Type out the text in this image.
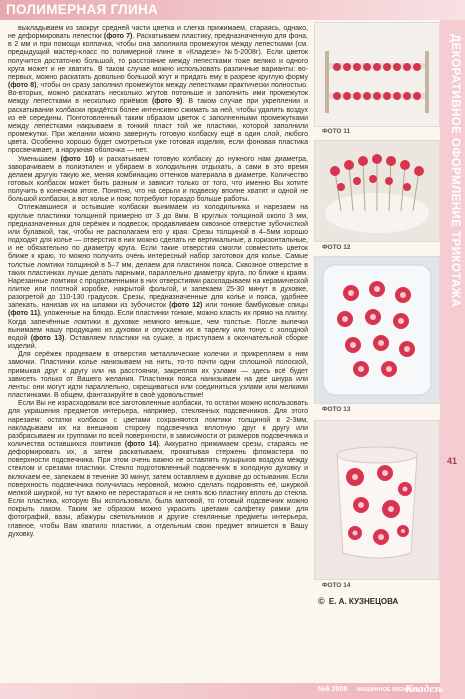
ПОЛИМЕРНАЯ ГЛИНА
ДЕКОРАТИВНОЕ ОФОРМЛЕНИЕ ТРИКОТАЖА
41

выкладываем из заокруг средней части цветка и слегка прижимаем, стараясь, однако, не деформировать лепестки (фото 7). Раскатываем пластику, предназначенную для фона, в 2 мм и при помощи колпачка, чтобы она заполнила промежуток между лепестками (см. предыдущий мастер-класс по полимерной глине в «Кладезе» №5-2008г). Если цветок получится достаточно большой, то расстояние между лепестками тоже велико и одного круга может и не хватить. В таком случае можно использовать различные варианты: во-первых, можно раскатать довольно большой жгут и придать ему в разрезе круглую форму (фото 8), чтобы он сразу заполнил промежуток между лепестками практически полностью. Во-вторых, можно раскатать несколько жгутов потоньше и заполнить ими промежуток между лепестками в несколько приёмов (фото 9). В таком случае при укреплении и раскатывании колбаски придётся более интенсивно сжимать за ней, чтобы удалить воздух из её середины. Понготовленный таким образом цветок с заполненными промежутками между лепестками накрываем в тонкий пласт той же пластики, которой заполнили промежутки. При желании можно завернуть готовую колбаску ещё в один слой, любого цвета. Особенно хорошо будет смотреться уже готовая изделия, если фоновая пластика просвечивает, а наружная оболочка — нет.

Уменьшаем (фото 10) и раскатываем готовую колбаску до нужного нам диаметра, заворачиваем в полиэтилен и убираем в холодильник отдыхать, а сами в это время делаем другую такую же, меняя комбинацию оттенков материала в диаметре. Количество готовых колбасок может быть разным и зависит только от того, что именно Вы хотите получить в конечном итоге. Понятно, что на серьги и подвеску вполне хватит и одной не большой колбаски, а вот колье и пояс потребуют гораздо больше работы.

Отлежавшиеся и остывшие колбаски вынимаем из холодильника и нарезаем на круглые пластинки толщиной примерно от 3 до 8мм. В круглых толщиной около 3 мм, предназначенных для серёжек и подвесок, продавливаем сквозное отверстие зубочисткой или булавкой, так, чтобы не располагаем его у края. Срезы толщиной в 4–5мм хорошо подходят для колье — отверстия в них можно сделать не вертикальные, а горизонтальные, и не обязательно по диаметру круга. Если такие отверстия смогли совместить цветок ближе к краю, то можно получить очень интересный набор заготовок для колье. Самые толстые ломтики толщиной в 5–7 мм, делаем для пластинок пояса. Сквозное отверстие в таких пластинках лучше делать парными, параллельно диаметру круга, по ближе к краям. Нарезанные ломтики с продолженными в них отверстиями раскладываем на керамической плитке или плотной коробке, накрытой фольгой, и запекаем 25-30 минут в духовке, разогретой до 110-130 градусов. Срезы, предназначенные для колье и пояса, удобнее запекать, нанизав их на шпажки из зубочисток (фото 12) или тонкие бамбуковые спицы (фото 11), уложенные на блюдо. Если пластинки тонкие, можно класть их прямо на плитку. Когда запечённые ломтики в духовке немного меньше, чем толстые. После выпечки вынимаем нашу продукцию из духовки и опускаем их в тарелку или тонус с холодной водой (фото 13). Оставляем пластики на сушке, а приступаем к окончательной сборке изделий.

Для серёжек продеваем в отверстия металлические колечки и прикрепляем к ним замочки. Пластинки колье нанизываем на нить, то-то почти одни сплошной полоской, примыкая друг к другу или на расстоянии, закрепляя их узлами — здесь всё будет зависеть только от Вашего желания. Пластинки пояса нанизываем на две шнура или ленты: они могут идти параллельно, скрещиваться или соединиться узлами или мелкими пластинками. В общем, фантазируйте в своё удовольствие!

Если Вы не израсходовали все заготовленные колбаски, то остатки можно использовать для украшения предметов интерьера, например, стеклянных подсвечников. Для этого нарезаем: остатки колбасок с цветами сохраняются ломтики толщиной в 2-3мм, накладываем их на внешнюю сторону подсвечника вплотную друг к другу или разбрасываем их группами по всей поверхности, в зависимости от размеров подсвечника и количества оставшихся ломтиков (фото 14). Аккуратно прижимаем срезы, стараясь не деформировать их, а затем раскатываем, прокатывая стержень фломастера по поверхности подсвечника. При этом очень важно не оставлять пузырьков воздуха между стеклом и срезами пластики. Стекло подготовленный подсвечник в холодную духовку и включаем ее, запекаем в течение 30 минут, затем оставляем в духовке до остывания. Если поверхность подсвечника получилась неровной, можно сделать подровнять её, шкуркой мелкой шкуркой, но тут важно не перестараться и не снять всю пластику вплоть до стекла. Если пластика, которую Вы использовали, была матовой, то готовый подсвечник можно покрыть лаком. Таким же образом можно украсить цветами салфетку рамки для фотографий, вазы, абажуры светильников и другие стеклянные предметы интерьера, главное, чтобы Вам хватило пластики, а отдельным свою предмет впишется в Вашу духовку.

ФОТО 11
ФОТО 12
ФОТО 13
ФОТО 14
© Е. А. КУЗНЕЦОВА
№6 2008 МАШИННОЕ ВЯЗАНИЕ
Кладезь
